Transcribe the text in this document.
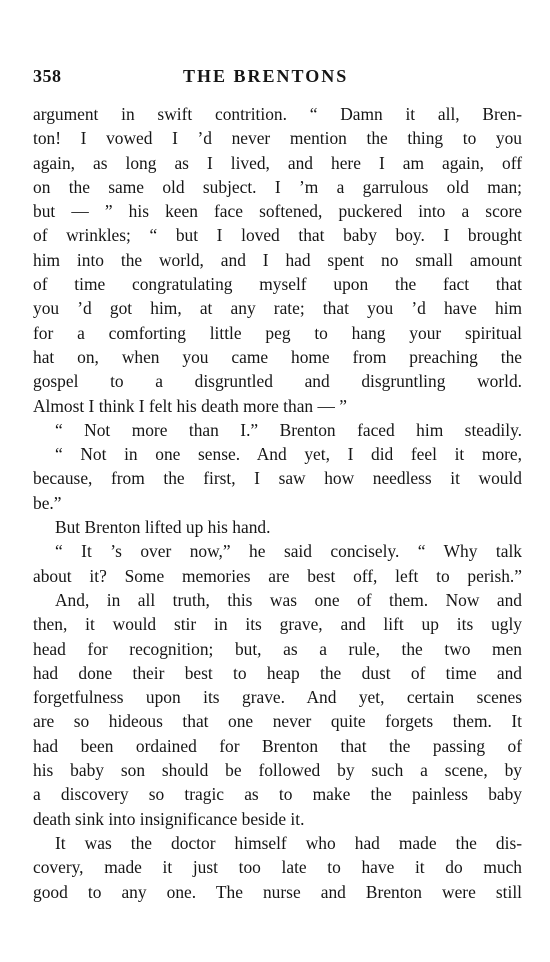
358	THE BRENTONS
argument in swift contrition. “ Damn it all, Bren-
ton! I vowed I ’d never mention the thing to you
again, as long as I lived, and here I am again, off
on the same old subject. I ’m a garrulous old man;
but — ” his keen face softened, puckered into a score
of wrinkles; “ but I loved that baby boy. I brought
him into the world, and I had spent no small amount
of time congratulating myself upon the fact that
you ’d got him, at any rate; that you ’d have him
for a comforting little peg to hang your spiritual
hat on, when you came home from preaching the
gospel to a disgruntled and disgruntling world.
Almost I think I felt his death more than — ”
“ Not more than I.” Brenton faced him steadily.
“ Not in one sense. And yet, I did feel it more,
because, from the first, I saw how needless it would
be.”
But Brenton lifted up his hand.
“ It ’s over now,” he said concisely. “ Why talk
about it? Some memories are best off, left to perish.”
And, in all truth, this was one of them. Now and
then, it would stir in its grave, and lift up its ugly
head for recognition; but, as a rule, the two men
had done their best to heap the dust of time and
forgetfulness upon its grave. And yet, certain scenes
are so hideous that one never quite forgets them. It
had been ordained for Brenton that the passing of
his baby son should be followed by such a scene, by
a discovery so tragic as to make the painless baby
death sink into insignificance beside it.
It was the doctor himself who had made the dis-
covery, made it just too late to have it do much
good to any one. The nurse and Brenton were still
